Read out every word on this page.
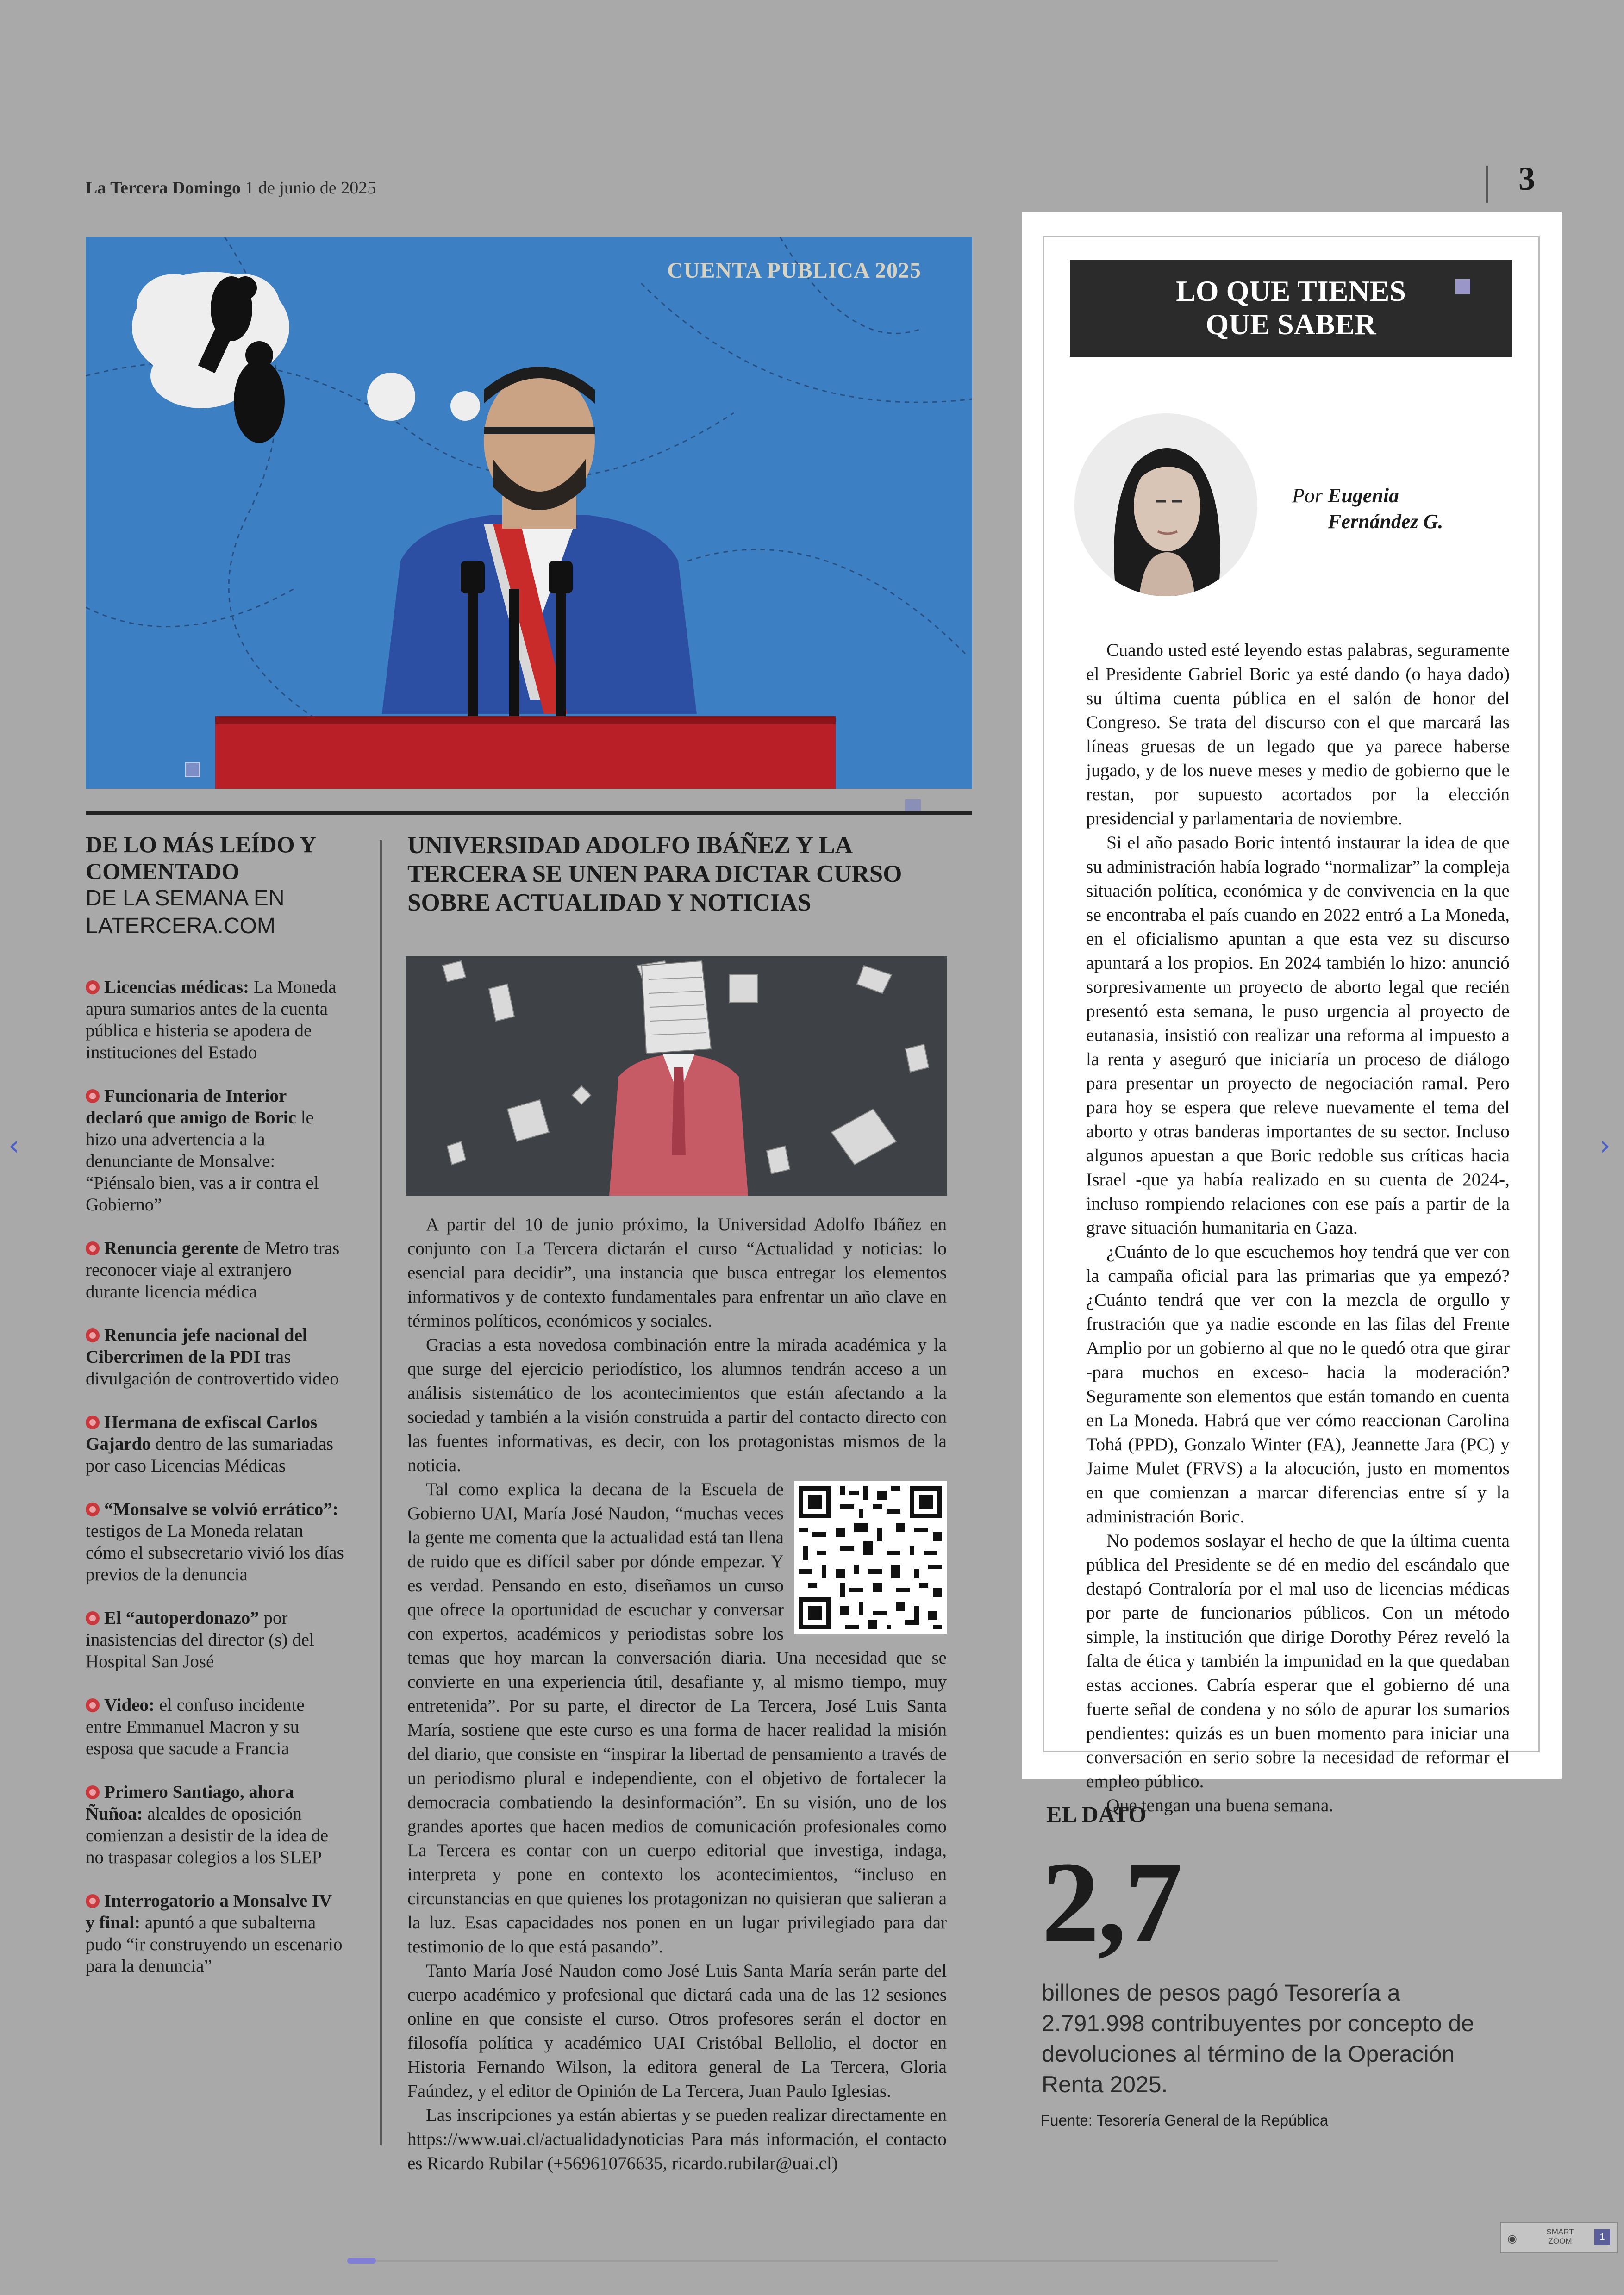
La Tercera Domingo 1 de junio de 2025	3
CUENTA PUBLICA 2025
DE LO MÁS LEÍDO Y COMENTADO
DE LA SEMANA EN LATERCERA.COM
Licencias médicas: La Moneda apura sumarios antes de la cuenta pública e histeria se apodera de instituciones del Estado
Funcionaria de Interior declaró que amigo de Boric le hizo una advertencia a la denunciante de Monsalve: “Piénsalo bien, vas a ir contra el Gobierno”
Renuncia gerente de Metro tras reconocer viaje al extranjero durante licencia médica
Renuncia jefe nacional del Cibercrimen de la PDI tras divulgación de controvertido video
Hermana de exfiscal Carlos Gajardo dentro de las sumariadas por caso Licencias Médicas
“Monsalve se volvió errático”: testigos de La Moneda relatan cómo el subsecretario vivió los días previos de la denuncia
El “autoperdonazo” por inasistencias del director (s) del Hospital San José
Video: el confuso incidente entre Emmanuel Macron y su esposa que sacude a Francia
Primero Santiago, ahora Ñuñoa: alcaldes de oposición comienzan a desistir de la idea de no traspasar colegios a los SLEP
Interrogatorio a Monsalve IV y final: apuntó a que subalterna pudo “ir construyendo un escenario para la denuncia”
UNIVERSIDAD ADOLFO IBÁÑEZ Y LA TERCERA SE UNEN PARA DICTAR CURSO SOBRE ACTUALIDAD Y NOTICIAS

A partir del 10 de junio próximo, la Universidad Adolfo Ibáñez en conjunto con La Tercera dictarán el curso “Actualidad y noticias: lo esencial para decidir”, una instancia que busca entregar los elementos informativos y de contexto fundamentales para enfrentar un año clave en términos políticos, económicos y sociales.

Gracias a esta novedosa combinación entre la mirada académica y la que surge del ejercicio periodístico, los alumnos tendrán acceso a un análisis sistemático de los acontecimientos que están afectando a la sociedad y también a la visión construida a partir del contacto directo con las fuentes informativas, es decir, con los protagonistas mismos de la noticia.

Tal como explica la decana de la Escuela de Gobierno UAI, María José Naudon, “muchas veces la gente me comenta que la actualidad está tan llena de ruido que es difícil saber por dónde empezar. Y es verdad. Pensando en esto, diseñamos un curso que ofrece la oportunidad de escuchar y conversar con expertos, académicos y periodistas sobre los temas que hoy marcan la conversación diaria. Una necesidad que se convierte en una experiencia útil, desafiante y, al mismo tiempo, muy entretenida”. Por su parte, el director de La Tercera, José Luis Santa María, sostiene que este curso es una forma de hacer realidad la misión del diario, que consiste en “inspirar la libertad de pensamiento a través de un periodismo plural e independiente, con el objetivo de fortalecer la democracia combatiendo la desinformación”. En su visión, uno de los grandes aportes que hacen medios de comunicación profesionales como La Tercera es contar con un cuerpo editorial que investiga, indaga, interpreta y pone en contexto los acontecimientos, “incluso en circunstancias en que quienes los protagonizan no quisieran que salieran a la luz. Esas capacidades nos ponen en un lugar privilegiado para dar testimonio de lo que está pasando”.

Tanto María José Naudon como José Luis Santa María serán parte del cuerpo académico y profesional que dictará cada una de las 12 sesiones online en que consiste el curso. Otros profesores serán el doctor en filosofía política y académico UAI Cristóbal Bellolio, el doctor en Historia Fernando Wilson, la editora general de La Tercera, Gloria Faúndez, y el editor de Opinión de La Tercera, Juan Paulo Iglesias.

Las inscripciones ya están abiertas y se pueden realizar directamente en https://www.uai.cl/actualidadynoticias Para más información, el contacto es Ricardo Rubilar (+56961076635, ricardo.rubilar@uai.cl)

LO QUE TIENES QUE SABER
Por Eugenia Fernández G.

Cuando usted esté leyendo estas palabras, seguramente el Presidente Gabriel Boric ya esté dando (o haya dado) su última cuenta pública en el salón de honor del Congreso. Se trata del discurso con el que marcará las líneas gruesas de un legado que ya parece haberse jugado, y de los nueve meses y medio de gobierno que le restan, por supuesto acortados por la elección presidencial y parlamentaria de noviembre.

Si el año pasado Boric intentó instaurar la idea de que su administración había logrado “normalizar” la compleja situación política, económica y de convivencia en la que se encontraba el país cuando en 2022 entró a La Moneda, en el oficialismo apuntan a que esta vez su discurso apuntará a los propios. En 2024 también lo hizo: anunció sorpresivamente un proyecto de aborto legal que recién presentó esta semana, le puso urgencia al proyecto de eutanasia, insistió con realizar una reforma al impuesto a la renta y aseguró que iniciaría un proceso de diálogo para presentar un proyecto de negociación ramal. Pero para hoy se espera que releve nuevamente el tema del aborto y otras banderas importantes de su sector. Incluso algunos apuestan a que Boric redoble sus críticas hacia Israel -que ya había realizado en su cuenta de 2024-, incluso rompiendo relaciones con ese país a partir de la grave situación humanitaria en Gaza.

¿Cuánto de lo que escuchemos hoy tendrá que ver con la campaña oficial para las primarias que ya empezó? ¿Cuánto tendrá que ver con la mezcla de orgullo y frustración que ya nadie esconde en las filas del Frente Amplio por un gobierno al que no le quedó otra que girar -para muchos en exceso- hacia la moderación? Seguramente son elementos que están tomando en cuenta en La Moneda. Habrá que ver cómo reaccionan Carolina Tohá (PPD), Gonzalo Winter (FA), Jeannette Jara (PC) y Jaime Mulet (FRVS) a la alocución, justo en momentos en que comienzan a marcar diferencias entre sí y la administración Boric.

No podemos soslayar el hecho de que la última cuenta pública del Presidente se dé en medio del escándalo que destapó Contraloría por el mal uso de licencias médicas por parte de funcionarios públicos. Con un método simple, la institución que dirige Dorothy Pérez reveló la falta de ética y también la impunidad en la que quedaban estas acciones. Cabría esperar que el gobierno dé una fuerte señal de condena y no sólo de apurar los sumarios pendientes: quizás es un buen momento para iniciar una conversación en serio sobre la necesidad de reformar el empleo público.

Que tengan una buena semana.

EL DATO
2,7
billones de pesos pagó Tesorería a 2.791.998 contribuyentes por concepto de devoluciones al término de la Operación Renta 2025.
Fuente: Tesorería General de la República
‹	›
◉
SMART ZOOM	1
